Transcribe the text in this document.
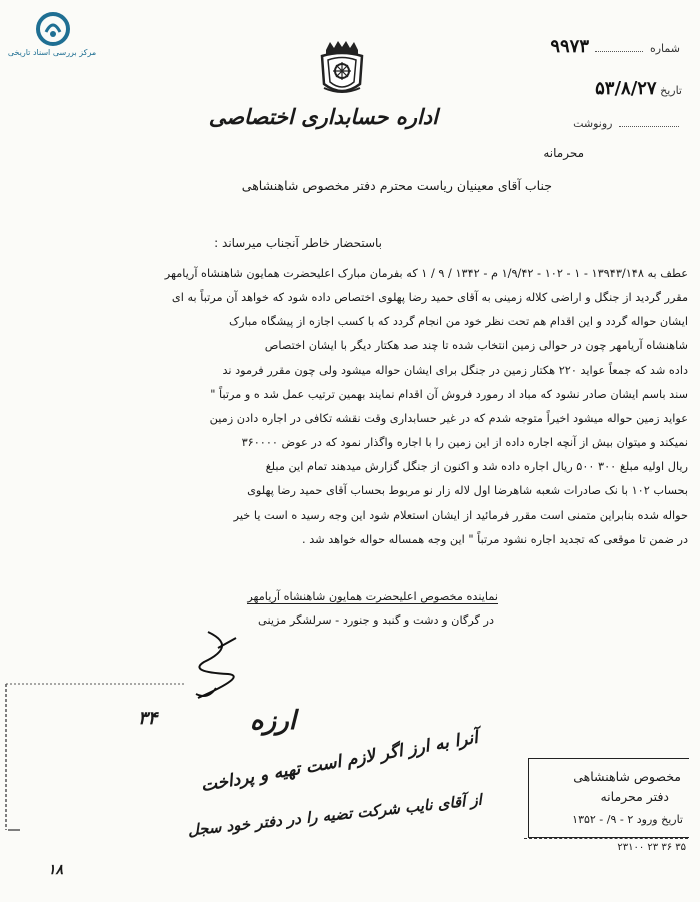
مرکز بررسی اسناد تاریخی
اداره حسابداری اختصاصی
شماره  ۹۹۷۳
تاریخ ۵۳/۸/۲۷
رونوشت
محرمانه
جناب آقای معینیان ریاست محترم دفتر مخصوص شاهنشاهی
باستحضار خاطر آنجناب میرساند :
عطف به ۱۳۹۴۳/۱۴۸ - ۱ - ۱۰۲ - ۱/۹/۴۲ م - ۱۳۴۲ / ۹ / ۱ که بفرمان مبارک اعلیحضرت همایون شاهنشاه آریامهر
مقرر گردید از جنگل و اراضی کلاله زمینی به آقای حمید رضا پهلوی اختصاص داده شود که خواهد آن مرتباً به ای
ایشان حواله گردد و این اقدام هم تحت نظر خود من انجام گردد که با کسب اجازه از پیشگاه مبارک
شاهنشاه آریامهر چون در حوالی زمین انتخاب شده تا چند صد هکتار دیگر با ایشان اختصاص
داده شد که جمعاً عواید ۲۲۰ هکتار زمین در جنگل برای ایشان حواله میشود ولی چون مقرر فرمود ند
سند باسم ایشان صادر نشود که مباد اد رمورد فروش آن اقدام نمایند بهمین ترتیب عمل شد ه و مرتباً "
عواید زمین حواله میشود اخیراً متوجه شدم که در غیر حسابداری وقت نقشه تکافی در اجاره دادن زمین
نمیکند و میتوان بیش از آنچه اجاره داده از این زمین را با اجاره واگذار نمود که در عوض ۳۶۰۰۰۰
ریال اولیه مبلغ ۳۰۰ ۵۰۰ ریال اجاره داده شد و اکنون از جنگل گزارش میدهند تمام این مبلغ
بحساب ۱۰۲ با نک صادرات شعبه شاهرضا اول لاله زار نو مربوط بحساب آقای حمید رضا پهلوی
حواله شده بنابراین متمنی است مقرر فرمائید از ایشان استعلام شود این وجه رسید ه است یا خیر
در ضمن تا موقعی که تجدید اجاره نشود مرتباً " این وجه همساله حواله خواهد شد .
نماینده مخصوص اعلیحضرت همایون شاهنشاه آریامهر
در گرگان و دشت و گنبد و جنورد - سرلشگر مزینی
۳۴	ارزه
آنرا به ارز اگر لازم است تهیه و پرداخت
از آقای نایب شرکت تضیه را در دفتر خود سجل
۱۸
مخصوص شاهنشاهی
دفتر محرمانه
تاریخ ورود ۲ - ۹/ - ۱۳۵۲
۲۳۱۰۰ ۲۳ ۳۶ ۳۵
